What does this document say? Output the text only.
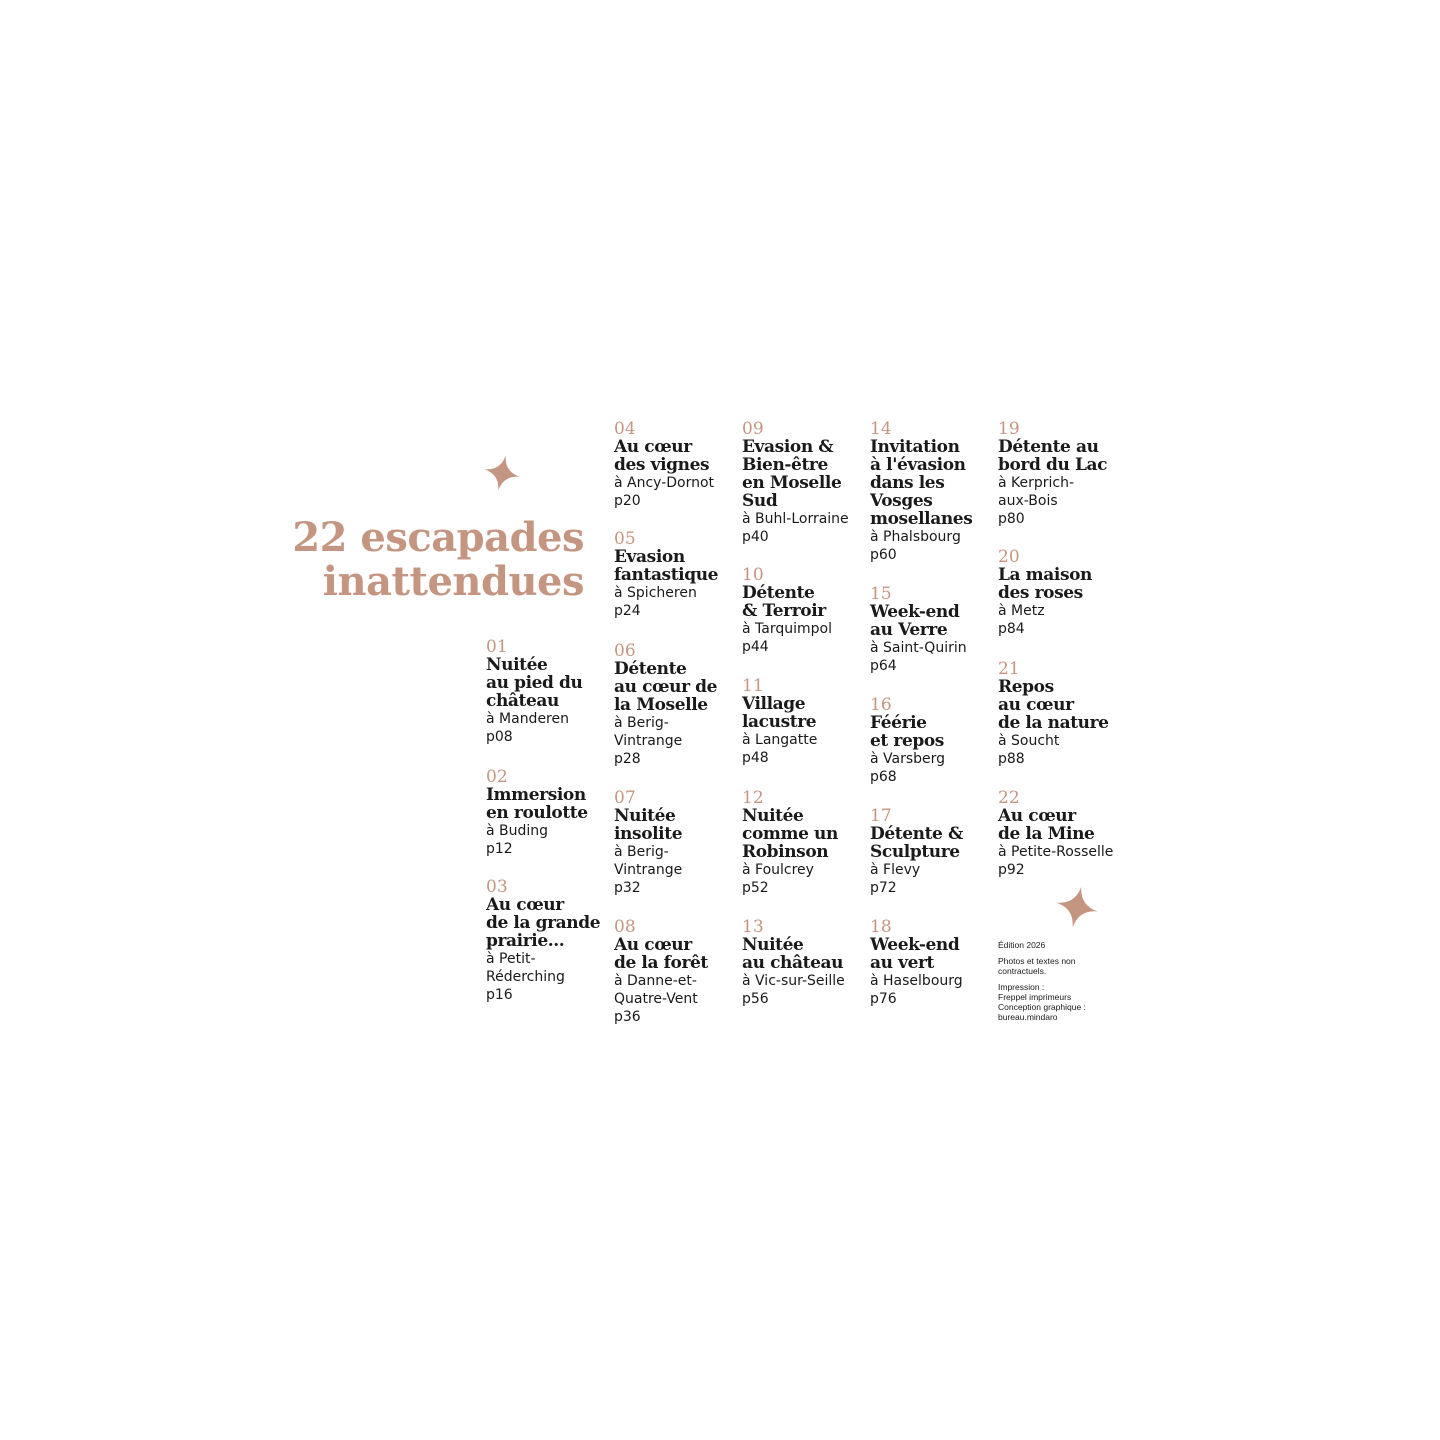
22 escapades
inattendues
01
Nuitée
au pied du
château
à Manderen
p08
02
Immersion
en roulotte
à Buding
p12
03
Au cœur
de la grande
prairie...
à Petit-
Réderching
p16
04
Au cœur
des vignes
à Ancy-Dornot
p20
05
Evasion
fantastique
à Spicheren
p24
06
Détente
au cœur de
la Moselle
à Berig-
Vintrange
p28
07
Nuitée
insolite
à Berig-
Vintrange
p32
08
Au cœur
de la forêt
à Danne-et-
Quatre-Vent
p36
09
Evasion &
Bien-être
en Moselle
Sud
à Buhl-Lorraine
p40
10
Détente
& Terroir
à Tarquimpol
p44
11
Village
lacustre
à Langatte
p48
12
Nuitée
comme un
Robinson
à Foulcrey
p52
13
Nuitée
au château
à Vic-sur-Seille
p56
14
Invitation
à l'évasion
dans les
Vosges
mosellanes
à Phalsbourg
p60
15
Week-end
au Verre
à Saint-Quirin
p64
16
Féérie
et repos
à Varsberg
p68
17
Détente &
Sculpture
à Flevy
p72
18
Week-end
au vert
à Haselbourg
p76
19
Détente au
bord du Lac
à Kerprich-
aux-Bois
p80
20
La maison
des roses
à Metz
p84
21
Repos
au cœur
de la nature
à Soucht
p88
22
Au cœur
de la Mine
à Petite-Rosselle
p92

Édition 2026

Photos et textes non
contractuels.

Impression :
Freppel imprimeurs
Conception graphique :
bureau.mindaro
